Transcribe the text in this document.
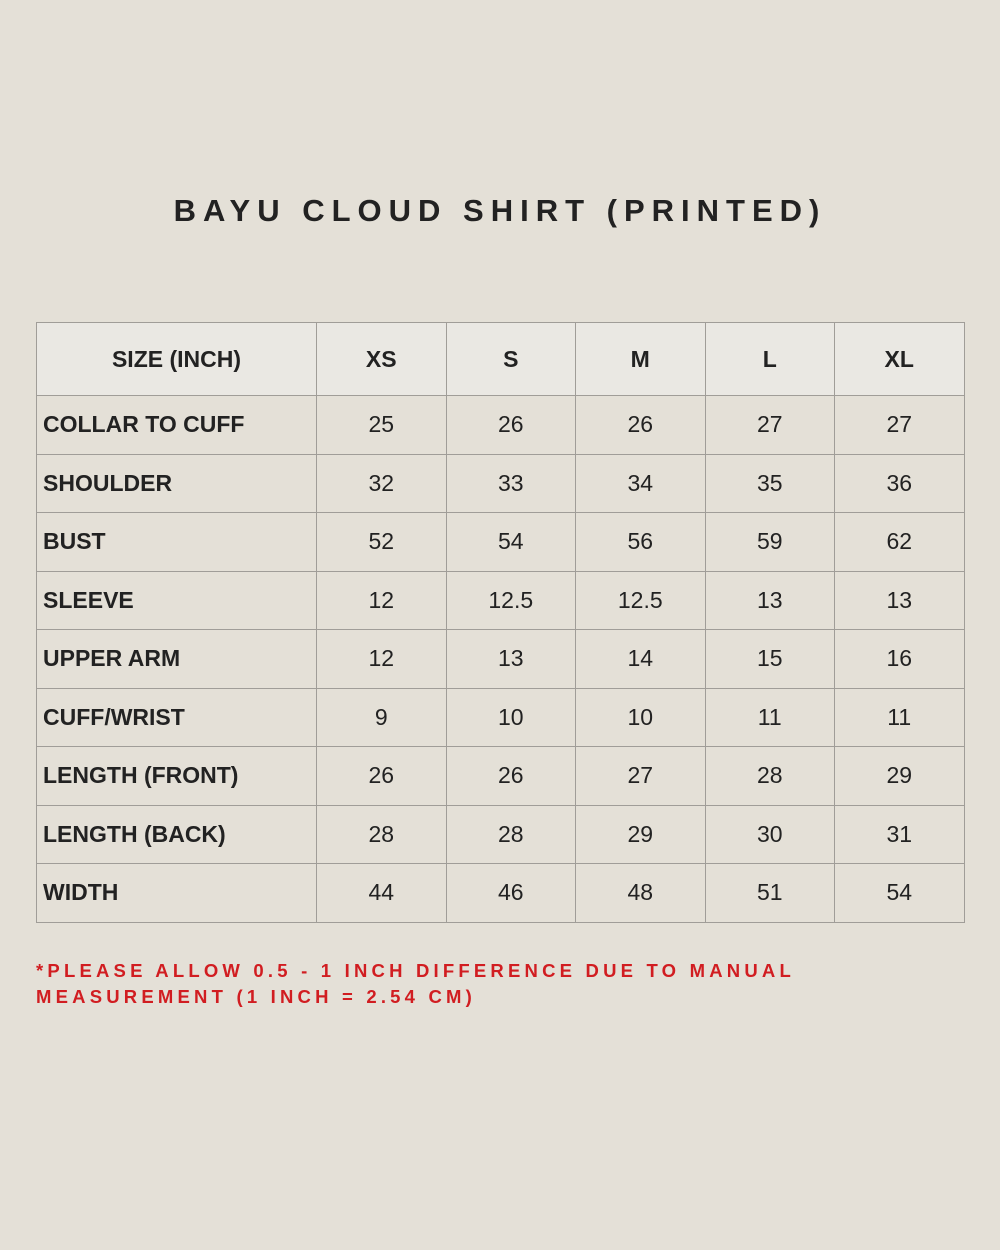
BAYU CLOUD SHIRT (PRINTED)
SIZE (INCH)	XS	S	M	L	XL
COLLAR TO CUFF	25	26	26	27	27
SHOULDER	32	33	34	35	36
BUST	52	54	56	59	62
SLEEVE	12	12.5	12.5	13	13
UPPER ARM	12	13	14	15	16
CUFF/WRIST	9	10	10	11	11
LENGTH (FRONT)	26	26	27	28	29
LENGTH (BACK)	28	28	29	30	31
WIDTH	44	46	48	51	54
*PLEASE ALLOW 0.5 - 1 INCH DIFFERENCE DUE TO MANUAL MEASUREMENT (1 INCH = 2.54 CM)
